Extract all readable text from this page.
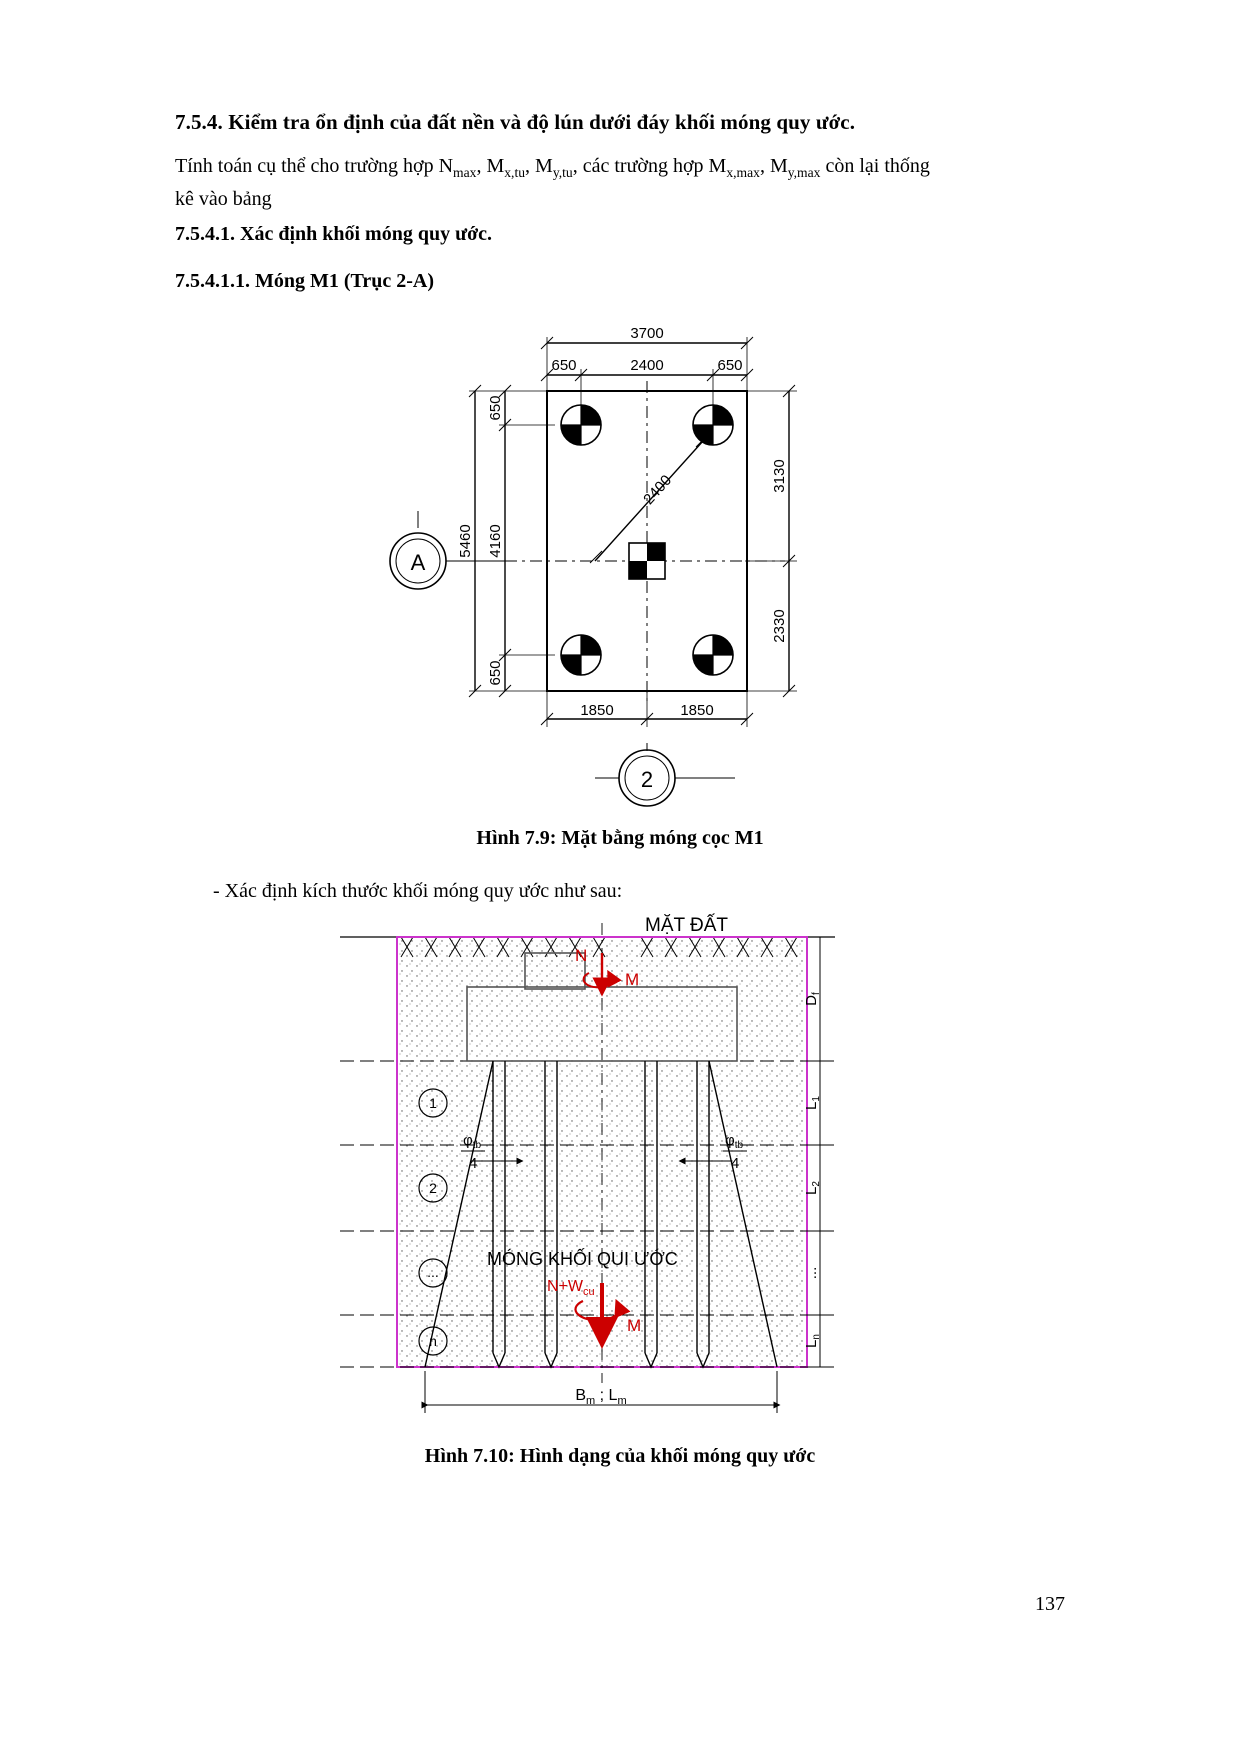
7.5.4. Kiểm tra ổn định của đất nền và độ lún dưới đáy khối móng quy ước.

Tính toán cụ thể cho trường hợp $N_{max}$, $M_{x,tu}$, $M_{y,tu}$, các trường hợp $M_{x,max}$, $M_{y,max}$ còn lại thống

kê vào bảng

7.5.4.1. Xác định khối móng quy ước.
7.5.4.1.1. Móng M1 (Trục 2-A)
3700
650	2400	650
1850	1850
5460 4160
650
650
3130
2330
2400
A
2

Hình 7.9: Mặt bằng móng cọc M1

- Xác định kích thước khối móng quy ước như sau:

MẶT ĐẤT
N
M
$N+W_{cu}$
M
MÓNG KHỐI QUI ƯỚC
$\varphi_{tb}$
4
$\varphi_{tb}$
4
1
2
...
n
$D_f$
$L_1$
$L_2$
...
$L_n$
$B_m$ ; $L_m$

Hình 7.10: Hình dạng của khối móng quy ước

137
